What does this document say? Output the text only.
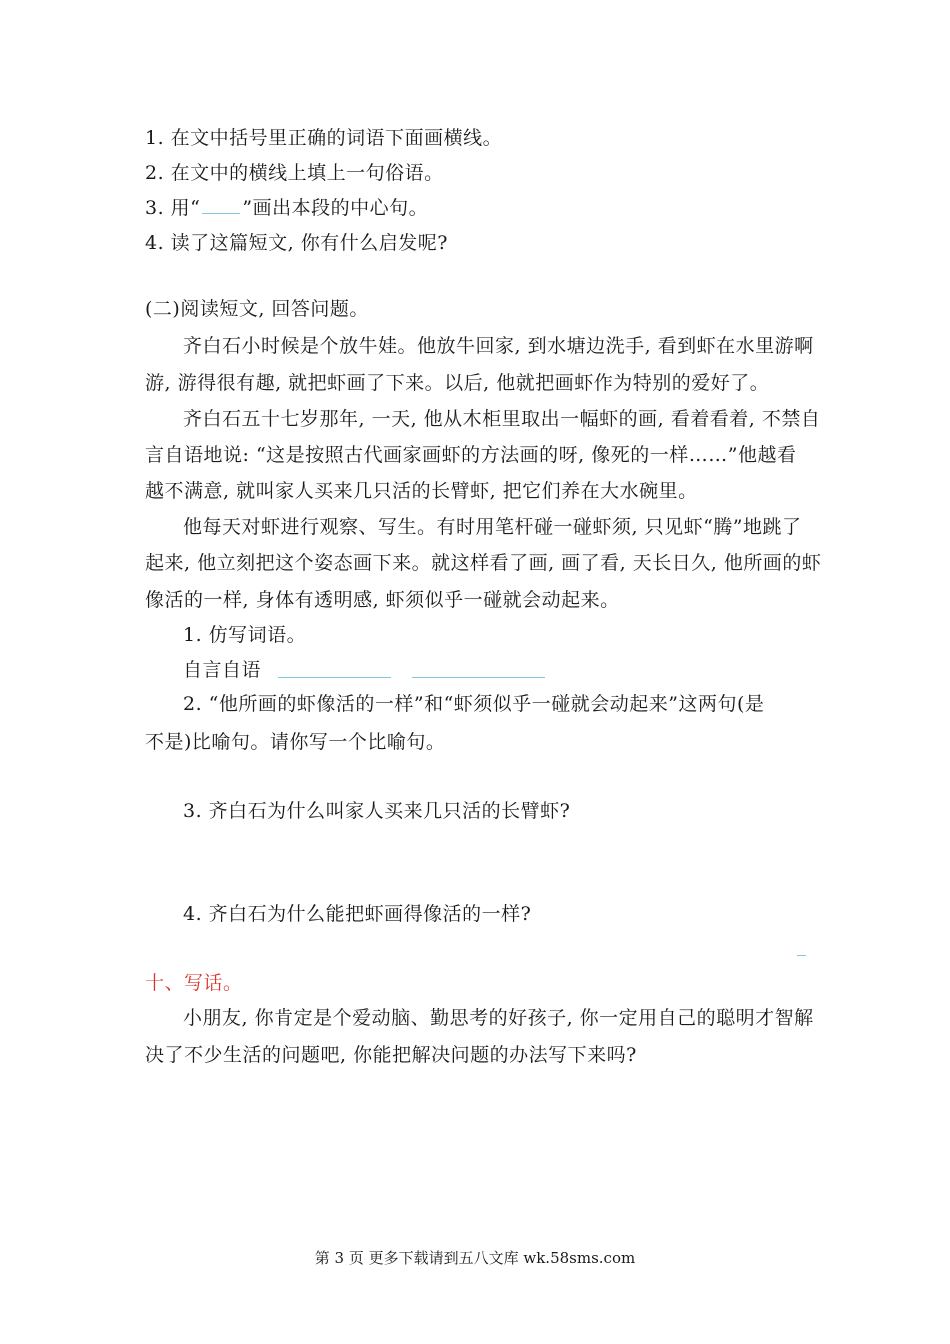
1. 在文中括号里正确的词语下面画横线。
2. 在文中的横线上填上一句俗语。
3. 用“ ”画出本段的中心句。
4. 读了这篇短文, 你有什么启发呢?
(二)阅读短文, 回答问题。
齐白石小时候是个放牛娃。他放牛回家, 到水塘边洗手, 看到虾在水里游啊
游, 游得很有趣, 就把虾画了下来。以后, 他就把画虾作为特别的爱好了。
齐白石五十七岁那年, 一天, 他从木柜里取出一幅虾的画, 看着看着, 不禁自
言自语地说: “这是按照古代画家画虾的方法画的呀, 像死的一样……”他越看
越不满意, 就叫家人买来几只活的长臂虾, 把它们养在大水碗里。
他每天对虾进行观察、写生。有时用笔杆碰一碰虾须, 只见虾“腾”地跳了
起来, 他立刻把这个姿态画下来。就这样看了画, 画了看, 天长日久, 他所画的虾
像活的一样, 身体有透明感, 虾须似乎一碰就会动起来。
1. 仿写词语。
自言自语
2. “他所画的虾像活的一样”和“虾须似乎一碰就会动起来”这两句(是
不是)比喻句。请你写一个比喻句。
3. 齐白石为什么叫家人买来几只活的长臂虾?
4. 齐白石为什么能把虾画得像活的一样?
十、写话。
小朋友, 你肯定是个爱动脑、勤思考的好孩子, 你一定用自己的聪明才智解
决了不少生活的问题吧, 你能把解决问题的办法写下来吗?
第 3 页 更多下载请到五八文库 wk.58sms.com
